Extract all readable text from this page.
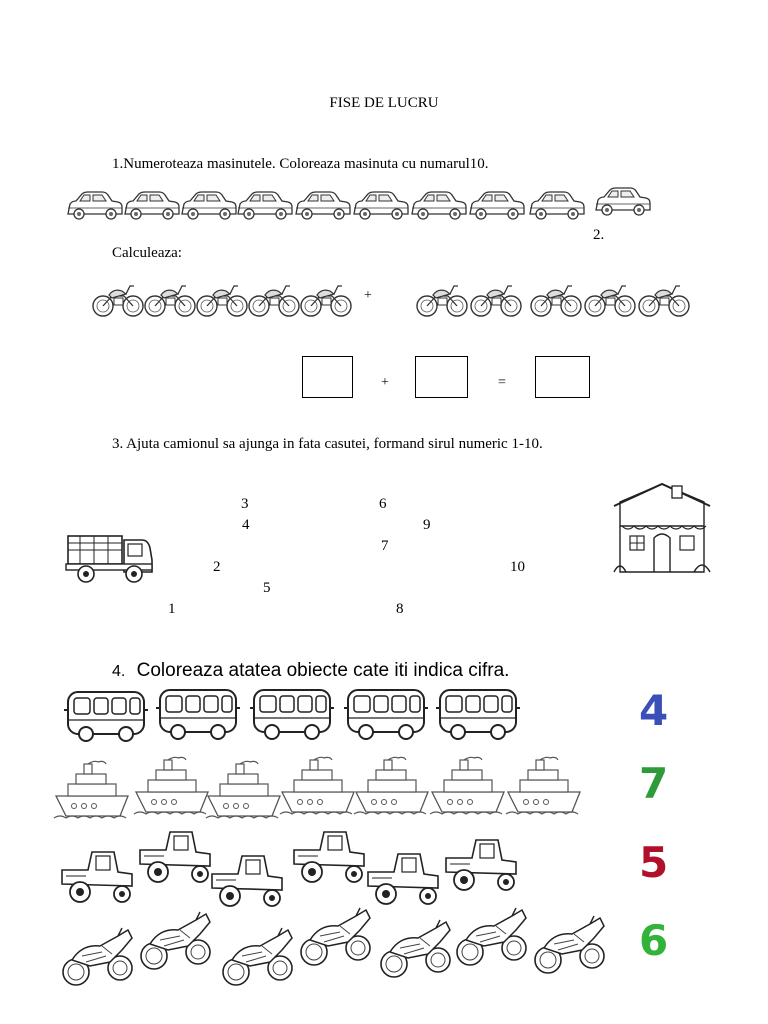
FISE DE LUCRU
1.Numeroteaza masinutele. Coloreaza masinuta cu numarul10.
2.
Calculeaza:
+
+	=
3. Ajuta camionul sa ajunga in fata casutei, formand sirul numeric 1-10.
3	6
4	9
7
2	10
5
1	8
4. Coloreaza atatea obiecte cate iti indica cifra.
4
7
5
6
